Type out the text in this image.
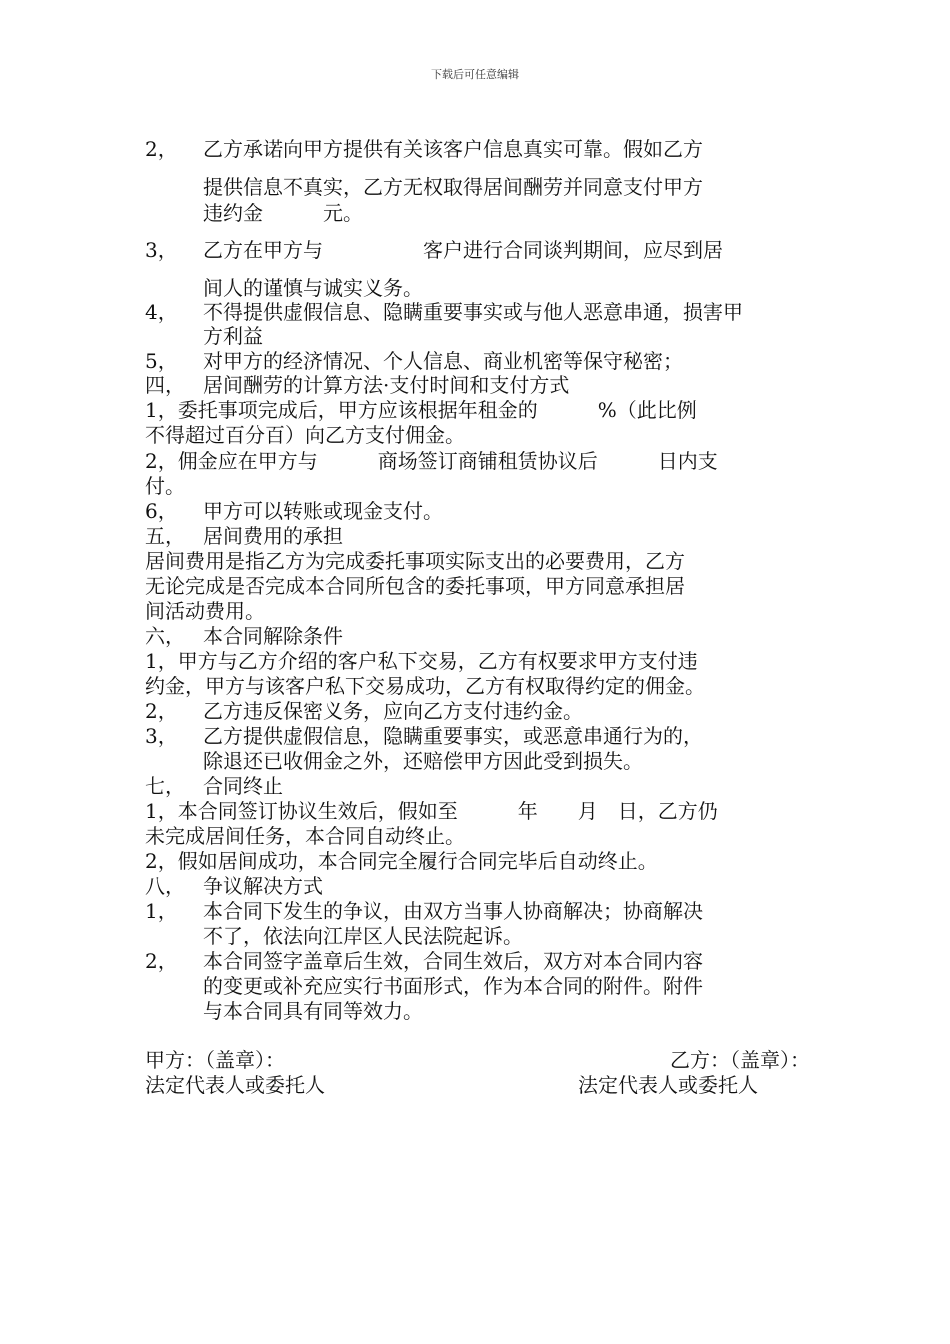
下载后可任意编辑
甲方：（盖章）：	乙方：（盖章）：
法定代表人或委托人	法定代表人或委托人
2， 乙方承诺向甲方提供有关该客户信息真实可靠。假如乙方
提供信息不真实，乙方无权取得居间酬劳并同意支付甲方
违约金　　　元。
3， 乙方在甲方与　　　　　客户进行合同谈判期间，应尽到居
间人的谨慎与诚实义务。
4， 不得提供虚假信息、隐瞒重要事实或与他人恶意串通，损害甲
方利益
5， 对甲方的经济情况、个人信息、商业机密等保守秘密；
四， 居间酬劳的计算方法·支付时间和支付方式
1，委托事项完成后，甲方应该根据年租金的　　　%（此比例
不得超过百分百）向乙方支付佣金。
2，佣金应在甲方与　　　商场签订商铺租赁协议后　　　日内支
付。
6， 甲方可以转账或现金支付。
五， 居间费用的承担
居间费用是指乙方为完成委托事项实际支出的必要费用，乙方
无论完成是否完成本合同所包含的委托事项，甲方同意承担居
间活动费用。
六， 本合同解除条件
1，甲方与乙方介绍的客户私下交易，乙方有权要求甲方支付违
约金，甲方与该客户私下交易成功，乙方有权取得约定的佣金。
2， 乙方违反保密义务，应向乙方支付违约金。
3， 乙方提供虚假信息，隐瞒重要事实，或恶意串通行为的，
除退还已收佣金之外，还赔偿甲方因此受到损失。
七， 合同终止
1，本合同签订协议生效后，假如至　　　年　　月　日，乙方仍
未完成居间任务，本合同自动终止。
2，假如居间成功，本合同完全履行合同完毕后自动终止。
八， 争议解决方式
1， 本合同下发生的争议，由双方当事人协商解决；协商解决
不了，依法向江岸区人民法院起诉。
2， 本合同签字盖章后生效，合同生效后，双方对本合同内容
的变更或补充应实行书面形式，作为本合同的附件。附件
与本合同具有同等效力。
